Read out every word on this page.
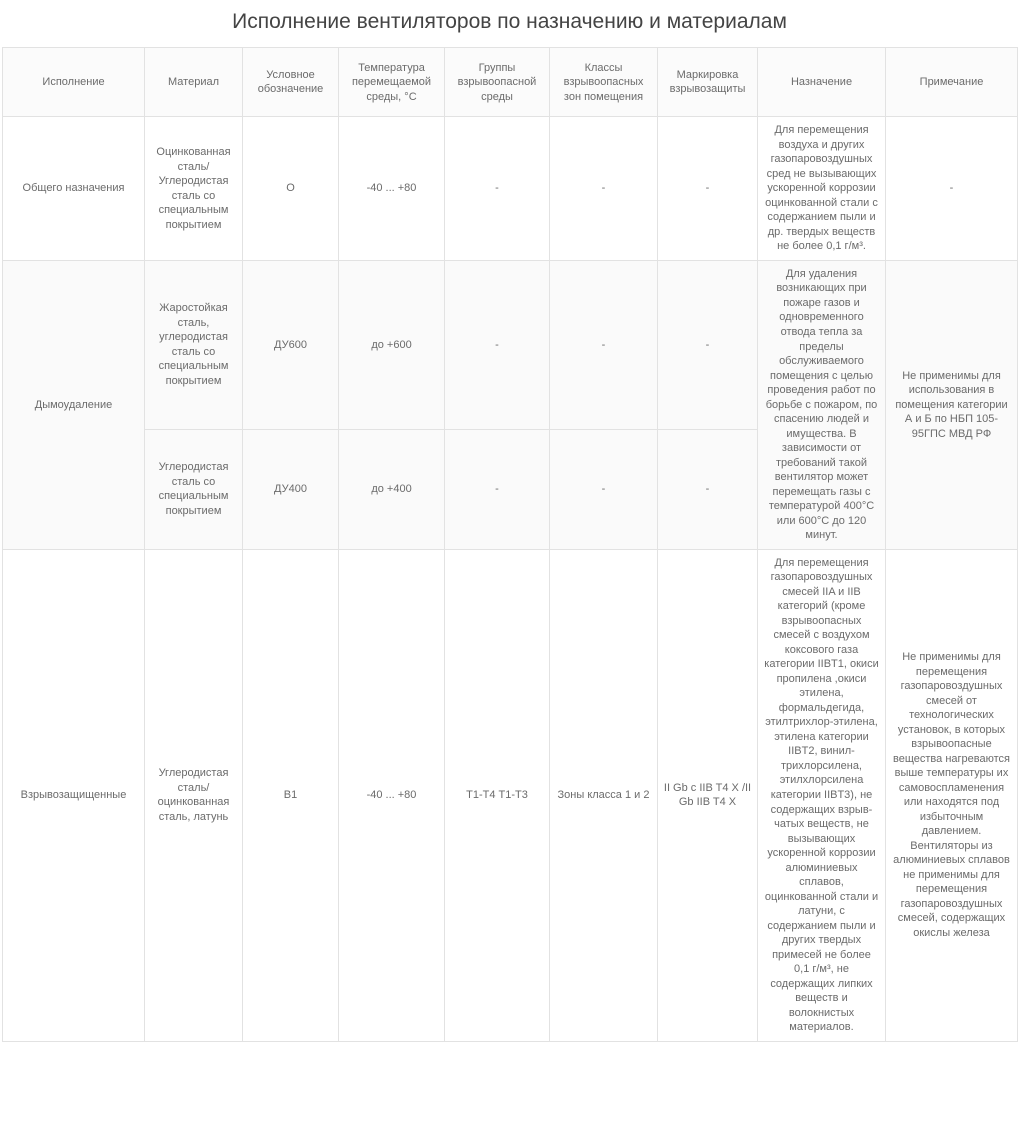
Исполнение вентиляторов по назначению и материалам
Исполнение	Материал	Условное обозначение	Температура перемещаемой среды, °C	Группы взрывоопасной среды	Классы взрывоопасных зон помещения	Маркировка взрывозащиты	Назначение	Примечание
Общего назначения	Оцинкованная сталь/ Углеродистая сталь со специальным покрытием	О	-40 ... +80	-	-	-	Для перемещения воздуха и других газопаровоздушных сред не вызывающих ускоренной коррозии оцинкованной стали с содержанием пыли и др. твердых веществ не более 0,1 г/м³.	-
Дымоудаление	Жаростойкая сталь, углеродистая сталь со специальным покрытием	ДУ600	до +600	-	-	-	Для удаления возникающих при пожаре газов и одновременного отвода тепла за пределы обслуживаемого помещения с целью проведения работ по борьбе с пожаром, по спасению людей и имущества. В зависимости от требований такой вентилятор может перемещать газы с температурой 400°C или 600°C до 120 минут.	Не применимы для использования в помещения категории А и Б по НБП 105-95ГПС МВД РФ
	Углеродистая сталь со специальным покрытием	ДУ400	до +400	-	-	-		
Взрывозащищенные	Углеродистая сталь/ оцинкованная сталь, латунь	В1	-40 ... +80	Т1-Т4 Т1-Т3	Зоны класса 1 и 2	II Gb c IIB T4 X /II Gb IIB T4 X	Для перемещения газопаровоздушных смесей IIA и IIB категорий (кроме взрывоопасных смесей с воздухом коксового газа категории IIBT1, окиси пропилена ,окиси этилена, формальдегида, этилтрихлор-этилена, этилена категории IIBT2, винил-трихлорсилена, этилхлорсилена категории IIBT3), не содержащих взрыв-чатых веществ, не вызывающих ускоренной коррозии алюминиевых сплавов, оцинкованной стали и латуни, с содержанием пыли и других твердых примесей не более 0,1 г/м³, не содержащих липких веществ и волокнистых материалов.	Не применимы для перемещения газопаровоздушных смесей от технологических установок, в которых взрывоопасные вещества нагреваются выше температуры их самовоспламенения или находятся под избыточным давлением. Вентиляторы из алюминиевых сплавов не применимы для перемещения газопаровоздушных смесей, содержащих окислы железа
